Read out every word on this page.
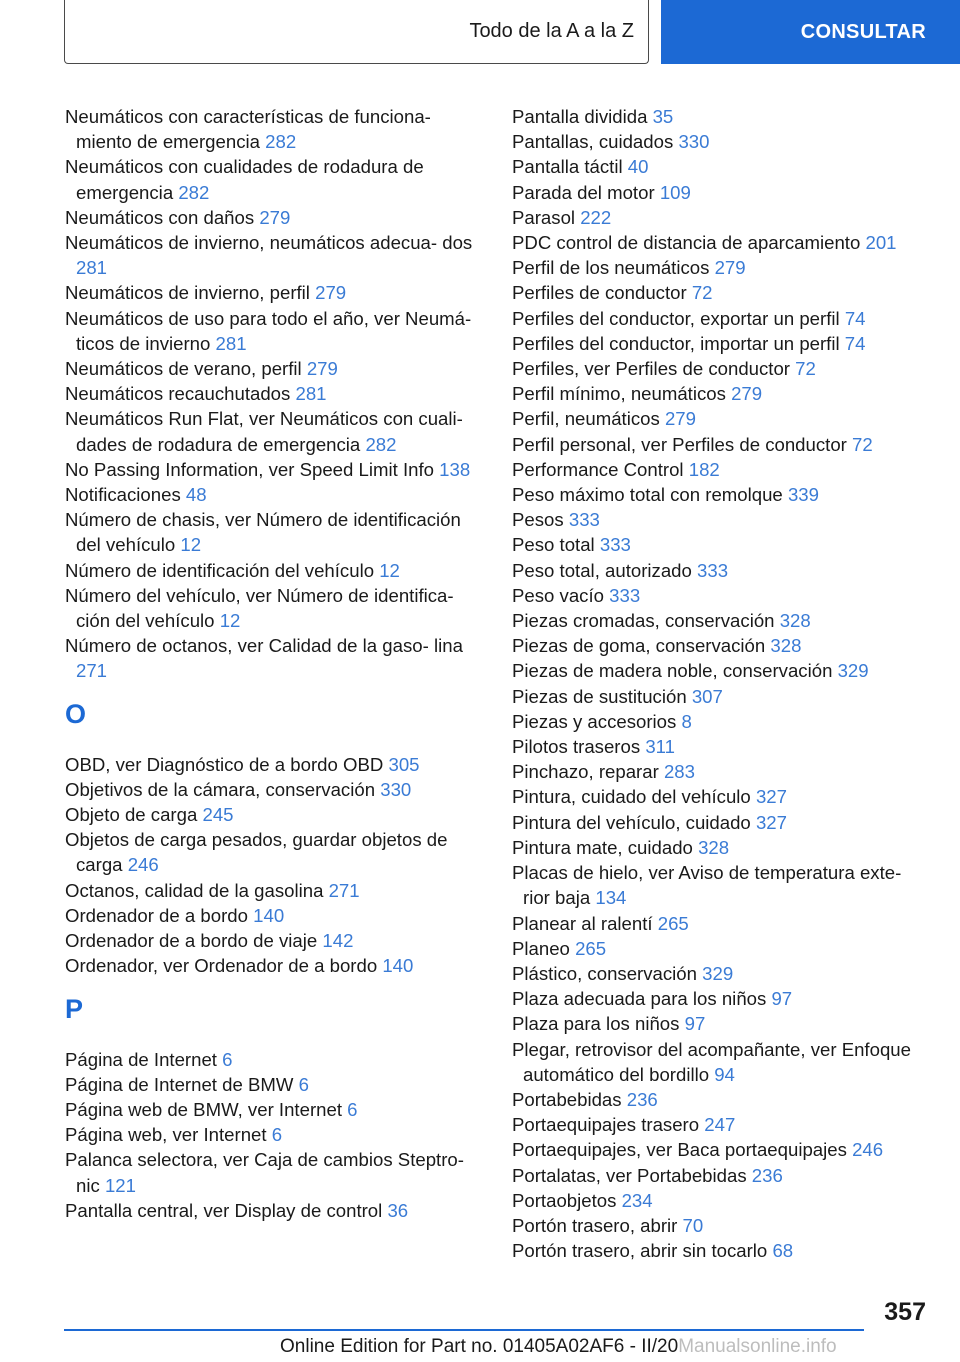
Todo de la A a la Z	CONSULTAR
Neumáticos con características de funciona‐ miento de emergencia 282
Neumáticos con cualidades de rodadura de emergencia 282
Neumáticos con daños 279
Neumáticos de invierno, neumáticos adecua‐ dos 281
Neumáticos de invierno, perfil 279
Neumáticos de uso para todo el año, ver Neumá‐ ticos de invierno 281
Neumáticos de verano, perfil 279
Neumáticos recauchutados 281
Neumáticos Run Flat, ver Neumáticos con cuali‐ dades de rodadura de emergencia 282
No Passing Information, ver Speed Limit Info 138
Notificaciones 48
Número de chasis, ver Número de identificación del vehículo 12
Número de identificación del vehículo 12
Número del vehículo, ver Número de identifica‐ ción del vehículo 12
Número de octanos, ver Calidad de la gaso‐ lina 271
O
OBD, ver Diagnóstico de a bordo OBD 305
Objetivos de la cámara, conservación 330
Objeto de carga 245
Objetos de carga pesados, guardar objetos de carga 246
Octanos, calidad de la gasolina 271
Ordenador de a bordo 140
Ordenador de a bordo de viaje 142
Ordenador, ver Ordenador de a bordo 140
P
Página de Internet 6
Página de Internet de BMW 6
Página web de BMW, ver Internet 6
Página web, ver Internet 6
Palanca selectora, ver Caja de cambios Steptro‐ nic 121
Pantalla central, ver Display de control 36
Pantalla dividida 35
Pantallas, cuidados 330
Pantalla táctil 40
Parada del motor 109
Parasol 222
PDC control de distancia de aparcamiento 201
Perfil de los neumáticos 279
Perfiles de conductor 72
Perfiles del conductor, exportar un perfil 74
Perfiles del conductor, importar un perfil 74
Perfiles, ver Perfiles de conductor 72
Perfil mínimo, neumáticos 279
Perfil, neumáticos 279
Perfil personal, ver Perfiles de conductor 72
Performance Control 182
Peso máximo total con remolque 339
Pesos 333
Peso total 333
Peso total, autorizado 333
Peso vacío 333
Piezas cromadas, conservación 328
Piezas de goma, conservación 328
Piezas de madera noble, conservación 329
Piezas de sustitución 307
Piezas y accesorios 8
Pilotos traseros 311
Pinchazo, reparar 283
Pintura, cuidado del vehículo 327
Pintura del vehículo, cuidado 327
Pintura mate, cuidado 328
Placas de hielo, ver Aviso de temperatura exte‐ rior baja 134
Planear al ralentí 265
Planeo 265
Plástico, conservación 329
Plaza adecuada para los niños 97
Plaza para los niños 97
Plegar, retrovisor del acompañante, ver Enfoque automático del bordillo 94
Portabebidas 236
Portaequipajes trasero 247
Portaequipajes, ver Baca portaequipajes 246
Portalatas, ver Portabebidas 236
Portaobjetos 234
Portón trasero, abrir 70
Portón trasero, abrir sin tocarlo 68
357
Online Edition for Part no. 01405A02AF6 - II/20Manualsonline.info
